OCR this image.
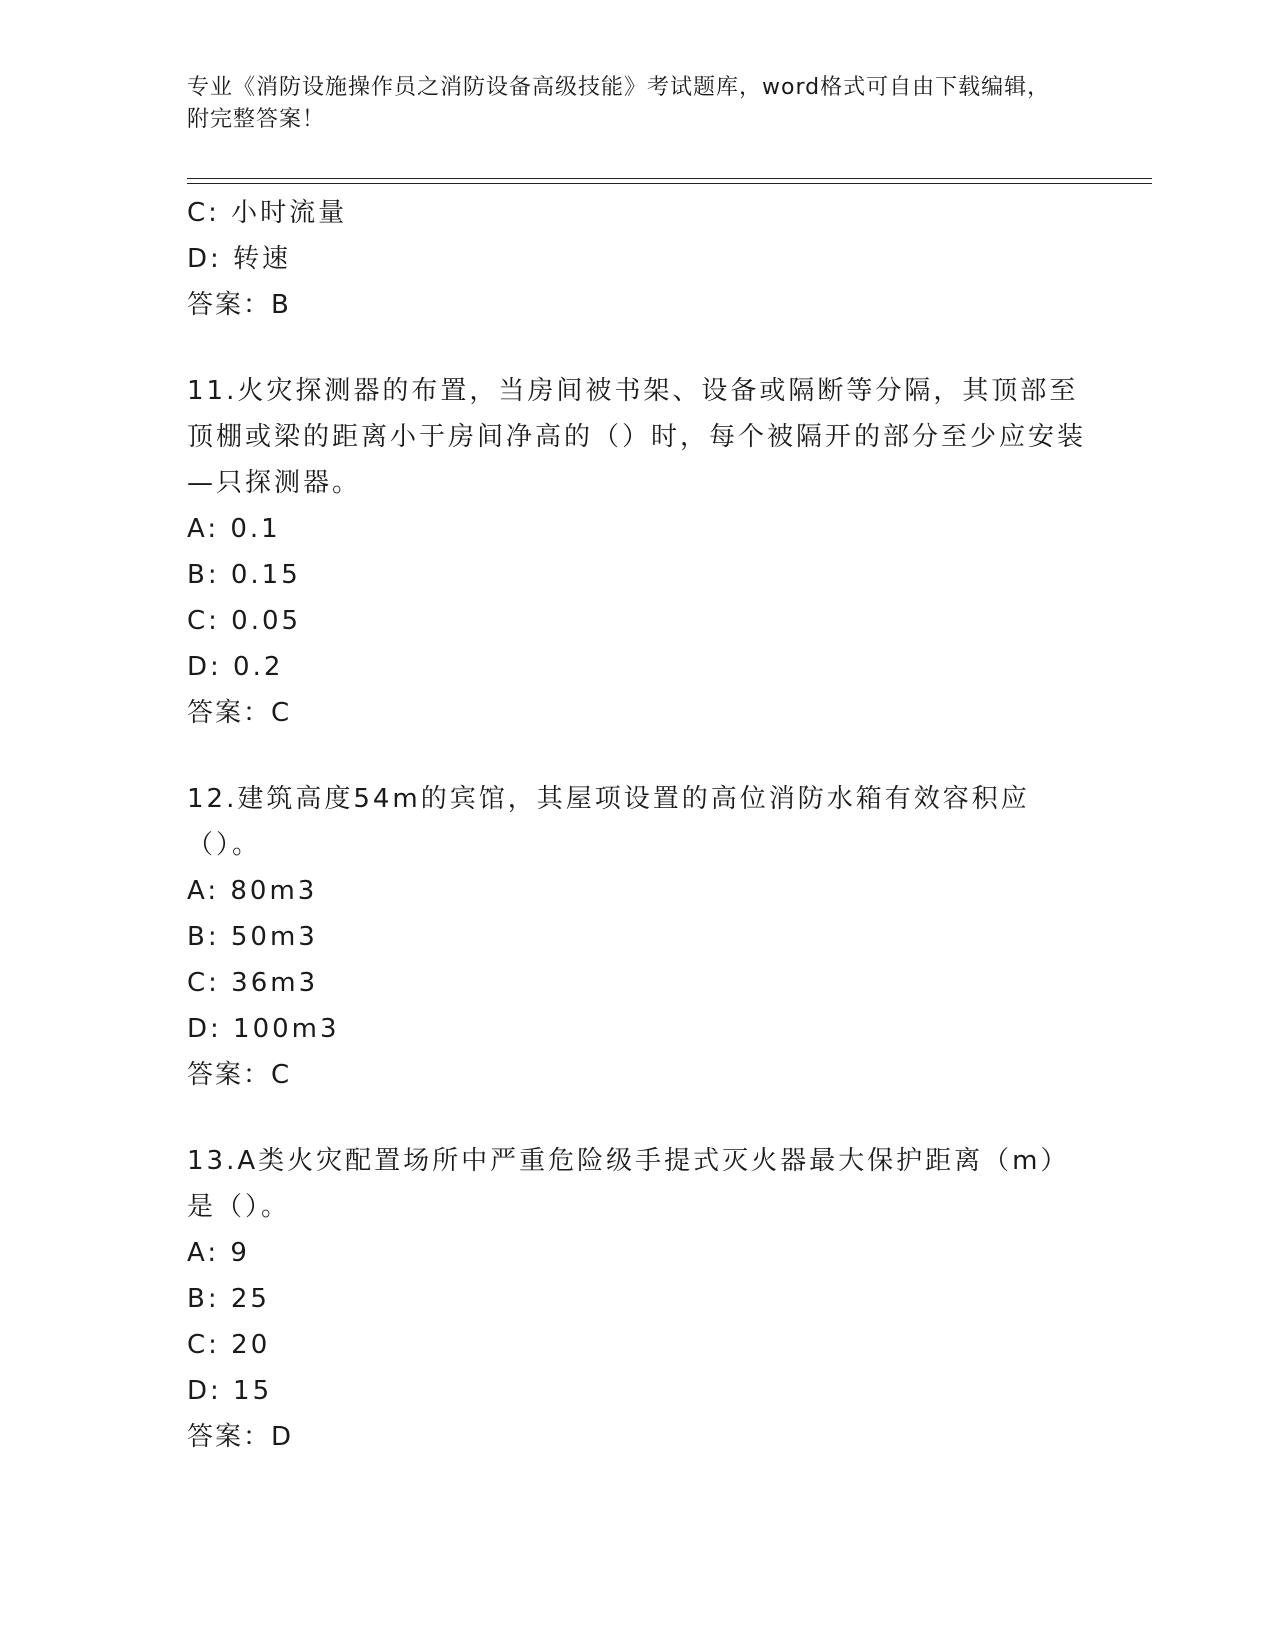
专业《消防设施操作员之消防设备高级技能》考试题库，word格式可自由下载编辑，附完整答案！
C: 小时流量
D: 转速
答案：B
11.火灾探测器的布置，当房间被书架、设备或隔断等分隔，其顶部至顶棚或梁的距离小于房间净高的（）时，每个被隔开的部分至少应安装—只探测器。
A: 0.1
B: 0.15
C: 0.05
D: 0.2
答案：C
12.建筑高度54m的宾馆，其屋项设置的高位消防水箱有效容积应（）。
A: 80m3
B: 50m3
C: 36m3
D: 100m3
答案：C
13.A类火灾配置场所中严重危险级手提式灭火器最大保护距离（m）是（）。
A: 9
B: 25
C: 20
D: 15
答案：D
